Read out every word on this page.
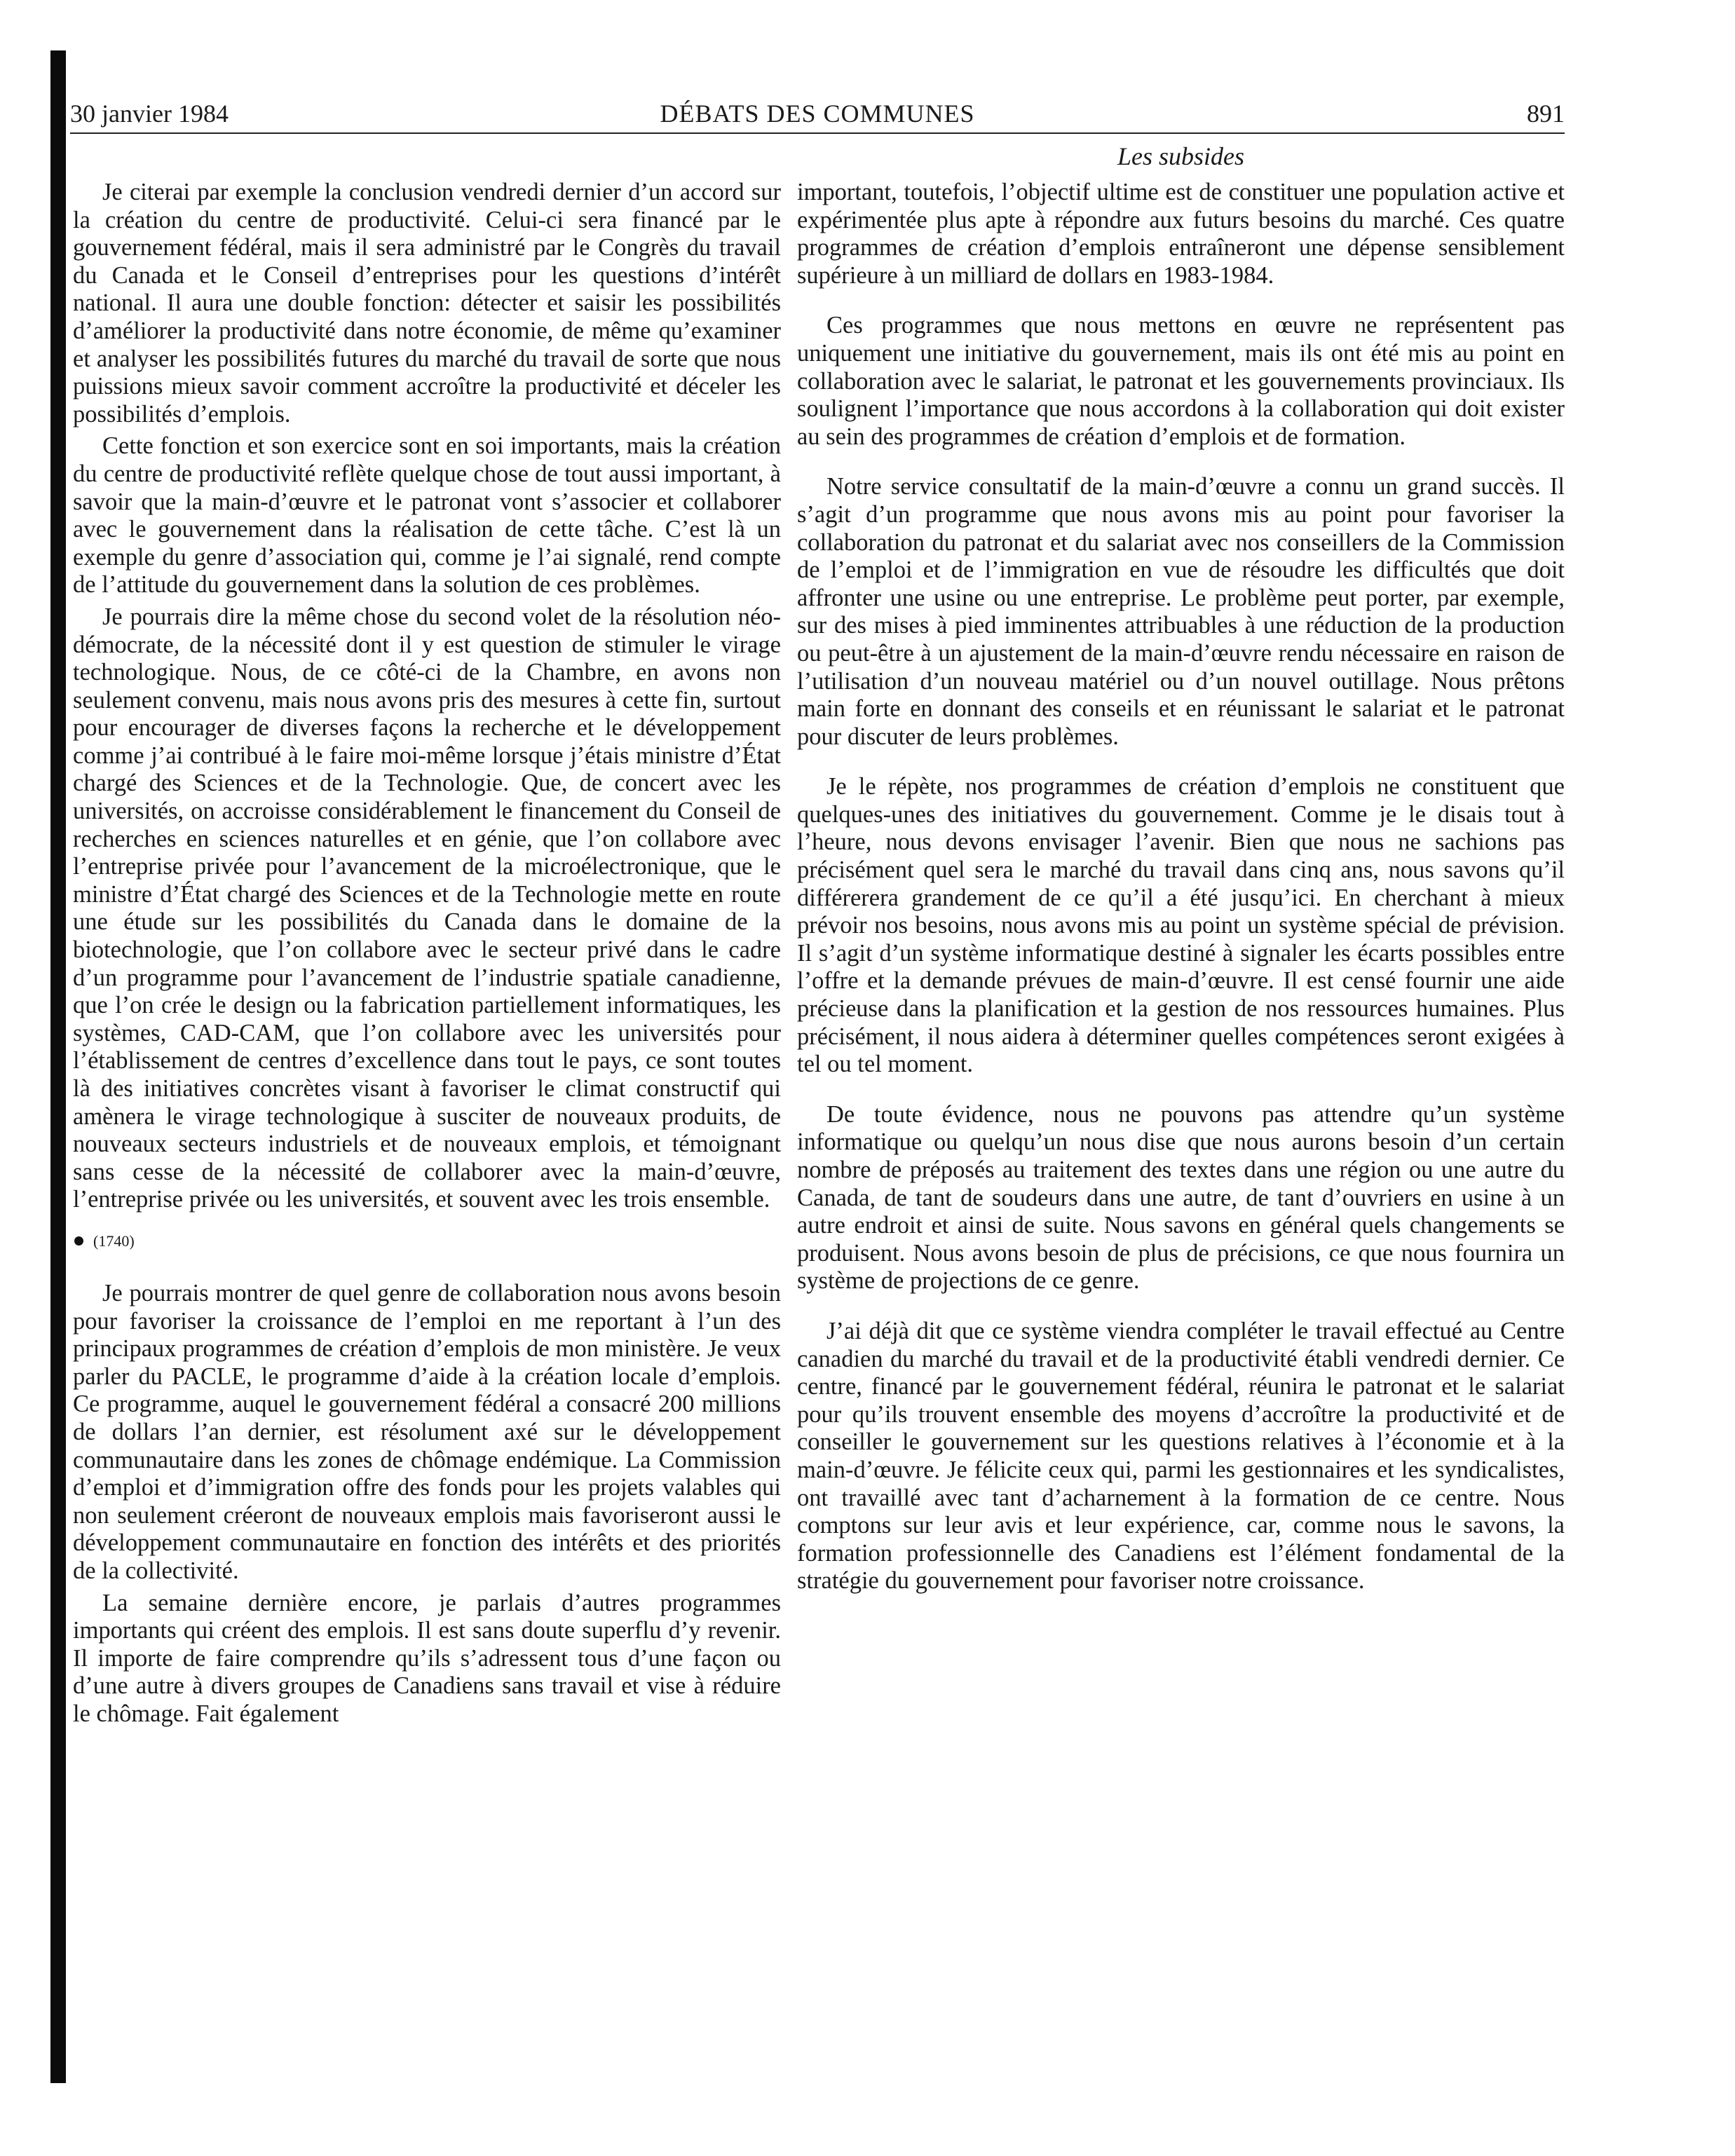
30 janvier 1984	DÉBATS DES COMMUNES	891
Les subsides

Je citerai par exemple la conclusion vendredi dernier d’un accord sur la création du centre de productivité. Celui-ci sera financé par le gouvernement fédéral, mais il sera administré par le Congrès du travail du Canada et le Conseil d’entreprises pour les questions d’intérêt national. Il aura une double fonction: détecter et saisir les possibilités d’améliorer la productivité dans notre économie, de même qu’examiner et analyser les possibilités futures du marché du travail de sorte que nous puissions mieux savoir comment accroître la productivité et déceler les possibilités d’emplois.

Cette fonction et son exercice sont en soi importants, mais la création du centre de productivité reflète quelque chose de tout aussi important, à savoir que la main-d’œuvre et le patronat vont s’associer et collaborer avec le gouvernement dans la réalisation de cette tâche. C’est là un exemple du genre d’association qui, comme je l’ai signalé, rend compte de l’attitude du gouvernement dans la solution de ces problèmes.

Je pourrais dire la même chose du second volet de la résolution néo-démocrate, de la nécessité dont il y est question de stimuler le virage technologique. Nous, de ce côté-ci de la Chambre, en avons non seulement convenu, mais nous avons pris des mesures à cette fin, surtout pour encourager de diverses façons la recherche et le développement comme j’ai contribué à le faire moi-même lorsque j’étais ministre d’État chargé des Sciences et de la Technologie. Que, de concert avec les universités, on accroisse considérablement le financement du Conseil de recherches en sciences naturelles et en génie, que l’on collabore avec l’entreprise privée pour l’avancement de la microélectronique, que le ministre d’État chargé des Sciences et de la Technologie mette en route une étude sur les possibilités du Canada dans le domaine de la biotechnologie, que l’on collabore avec le secteur privé dans le cadre d’un programme pour l’avancement de l’industrie spatiale canadienne, que l’on crée le design ou la fabrication partiellement informatiques, les systèmes, CAD-CAM, que l’on collabore avec les universités pour l’établissement de centres d’excellence dans tout le pays, ce sont toutes là des initiatives concrètes visant à favoriser le climat constructif qui amènera le virage technologique à susciter de nouveaux produits, de nouveaux secteurs industriels et de nouveaux emplois, et témoignant sans cesse de la nécessité de collaborer avec la main-d’œuvre, l’entreprise privée ou les universités, et souvent avec les trois ensemble.

(1740)

Je pourrais montrer de quel genre de collaboration nous avons besoin pour favoriser la croissance de l’emploi en me reportant à l’un des principaux programmes de création d’emplois de mon ministère. Je veux parler du PACLE, le programme d’aide à la création locale d’emplois. Ce programme, auquel le gouvernement fédéral a consacré 200 millions de dollars l’an dernier, est résolument axé sur le développement communautaire dans les zones de chômage endémique. La Commission d’emploi et d’immigration offre des fonds pour les projets valables qui non seulement créeront de nouveaux emplois mais favoriseront aussi le développement communautaire en fonction des intérêts et des priorités de la collectivité.

La semaine dernière encore, je parlais d’autres programmes importants qui créent des emplois. Il est sans doute superflu d’y revenir. Il importe de faire comprendre qu’ils s’adressent tous d’une façon ou d’une autre à divers groupes de Canadiens sans travail et vise à réduire le chômage. Fait également

important, toutefois, l’objectif ultime est de constituer une population active et expérimentée plus apte à répondre aux futurs besoins du marché. Ces quatre programmes de création d’emplois entraîneront une dépense sensiblement supérieure à un milliard de dollars en 1983-1984.

Ces programmes que nous mettons en œuvre ne représentent pas uniquement une initiative du gouvernement, mais ils ont été mis au point en collaboration avec le salariat, le patronat et les gouvernements provinciaux. Ils soulignent l’importance que nous accordons à la collaboration qui doit exister au sein des programmes de création d’emplois et de formation.

Notre service consultatif de la main-d’œuvre a connu un grand succès. Il s’agit d’un programme que nous avons mis au point pour favoriser la collaboration du patronat et du salariat avec nos conseillers de la Commission de l’emploi et de l’immigration en vue de résoudre les difficultés que doit affronter une usine ou une entreprise. Le problème peut porter, par exemple, sur des mises à pied imminentes attribuables à une réduction de la production ou peut-être à un ajustement de la main-d’œuvre rendu nécessaire en raison de l’utilisation d’un nouveau matériel ou d’un nouvel outillage. Nous prêtons main forte en donnant des conseils et en réunissant le salariat et le patronat pour discuter de leurs problèmes.

Je le répète, nos programmes de création d’emplois ne constituent que quelques-unes des initiatives du gouvernement. Comme je le disais tout à l’heure, nous devons envisager l’avenir. Bien que nous ne sachions pas précisément quel sera le marché du travail dans cinq ans, nous savons qu’il différerera grandement de ce qu’il a été jusqu’ici. En cherchant à mieux prévoir nos besoins, nous avons mis au point un système spécial de prévision. Il s’agit d’un système informatique destiné à signaler les écarts possibles entre l’offre et la demande prévues de main-d’œuvre. Il est censé fournir une aide précieuse dans la planification et la gestion de nos ressources humaines. Plus précisément, il nous aidera à déterminer quelles compétences seront exigées à tel ou tel moment.

De toute évidence, nous ne pouvons pas attendre qu’un système informatique ou quelqu’un nous dise que nous aurons besoin d’un certain nombre de préposés au traitement des textes dans une région ou une autre du Canada, de tant de soudeurs dans une autre, de tant d’ouvriers en usine à un autre endroit et ainsi de suite. Nous savons en général quels changements se produisent. Nous avons besoin de plus de précisions, ce que nous fournira un système de projections de ce genre.

J’ai déjà dit que ce système viendra compléter le travail effectué au Centre canadien du marché du travail et de la productivité établi vendredi dernier. Ce centre, financé par le gouvernement fédéral, réunira le patronat et le salariat pour qu’ils trouvent ensemble des moyens d’accroître la productivité et de conseiller le gouvernement sur les questions relatives à l’économie et à la main-d’œuvre. Je félicite ceux qui, parmi les gestionnaires et les syndicalistes, ont travaillé avec tant d’acharnement à la formation de ce centre. Nous comptons sur leur avis et leur expérience, car, comme nous le savons, la formation professionnelle des Canadiens est l’élément fondamental de la stratégie du gouvernement pour favoriser notre croissance.
